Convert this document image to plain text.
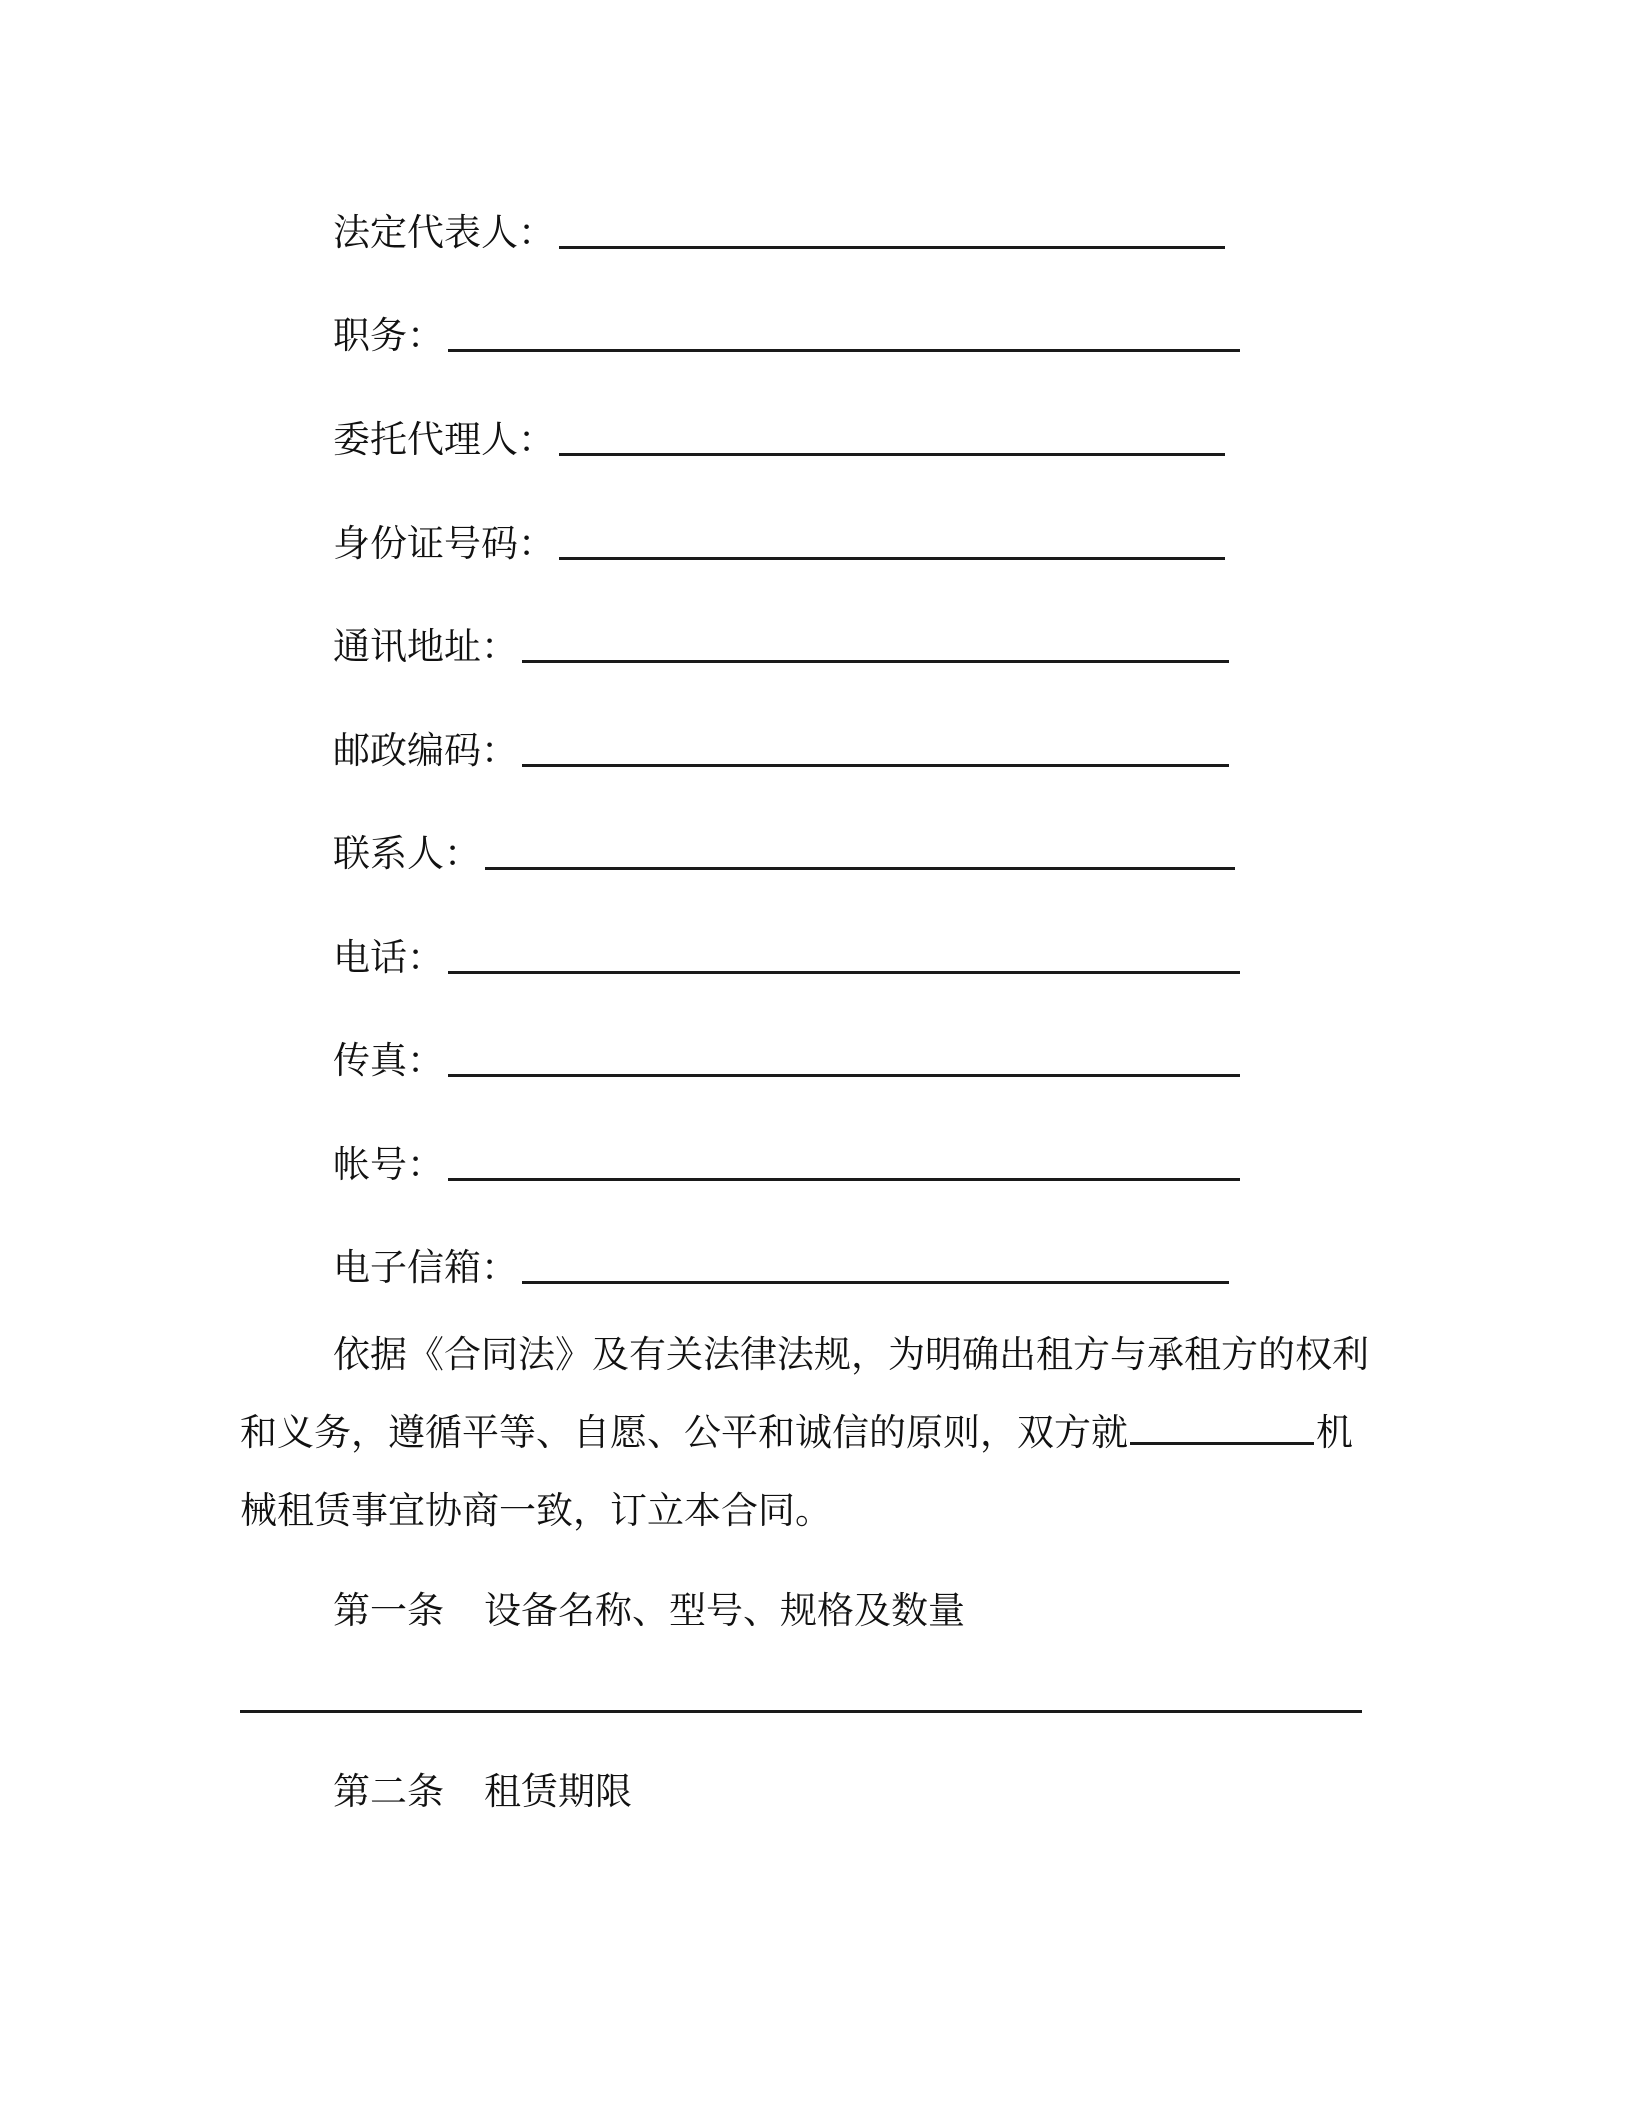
法定代表人：
职务：
委托代理人：
身份证号码：
通讯地址：
邮政编码：
联系人：
电话：
传真：
帐号：
电子信箱：
依据《合同法》及有关法律法规，为明确出租方与承租方的权利
和义务，遵循平等、自愿、公平和诚信的原则，双方就	机
械租赁事宜协商一致，订立本合同。
第一条 设备名称、型号、规格及数量
第二条 租赁期限
